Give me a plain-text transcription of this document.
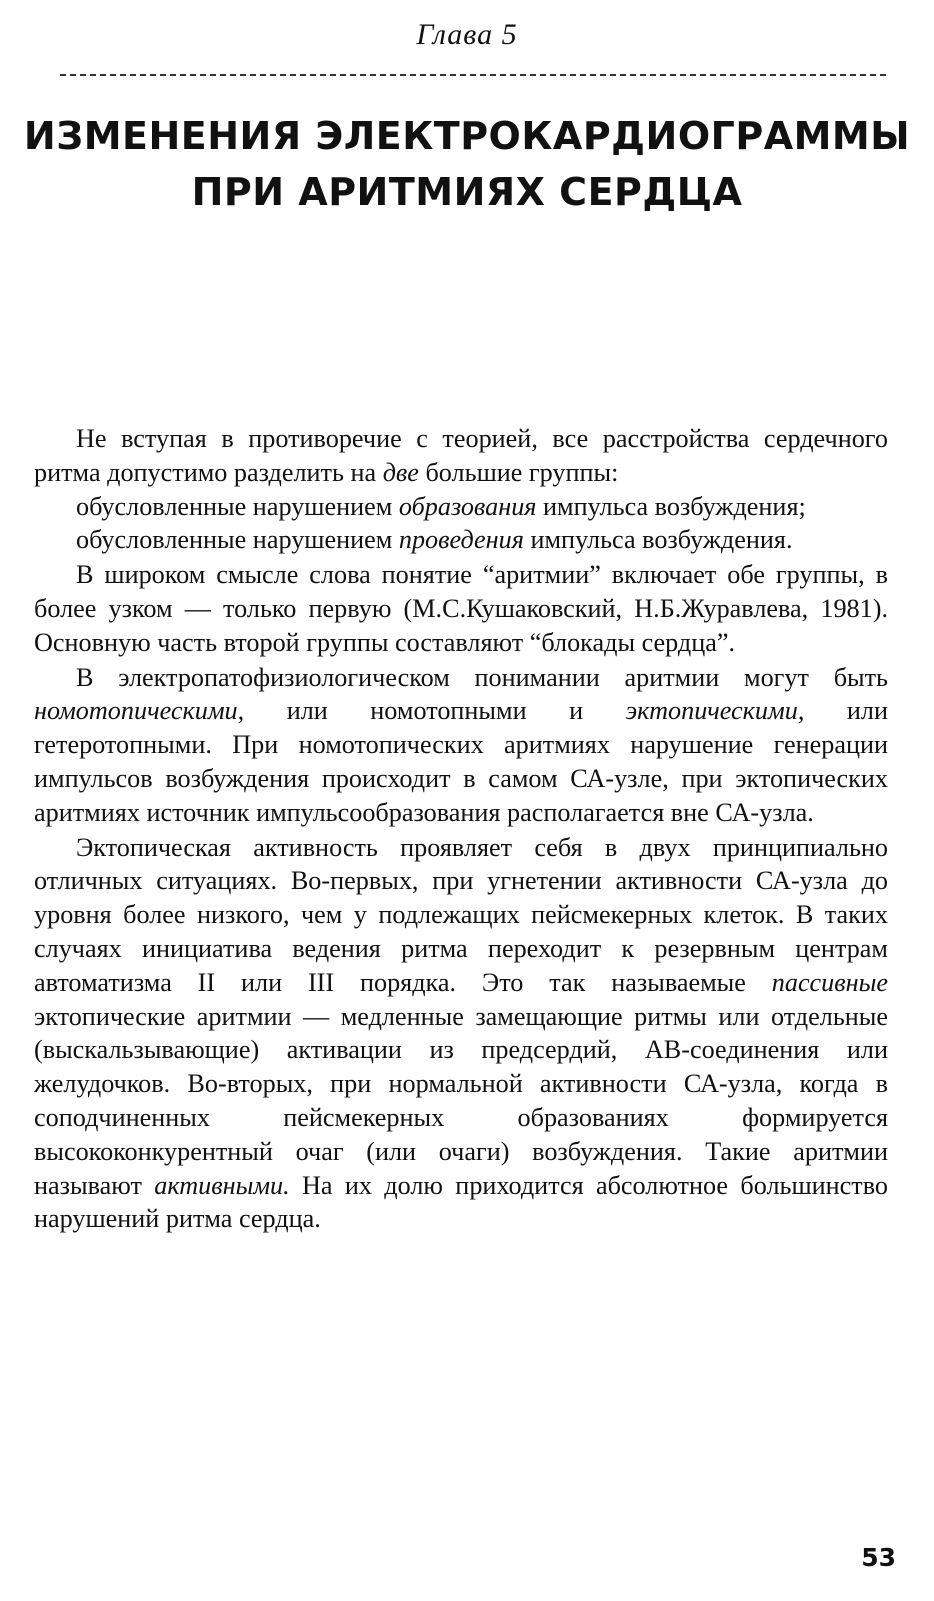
Глава 5
ИЗМЕНЕНИЯ ЭЛЕКТРОКАРДИОГРАММЫ
ПРИ АРИТМИЯХ СЕРДЦА

Не вступая в противоречие с теорией, все расстройства сердечного ритма допустимо разделить на две большие группы:

обусловленные нарушением образования импульса возбуждения;

обусловленные нарушением проведения импульса возбуждения.

В широком смысле слова понятие “аритмии” включает обе группы, в более узком — только первую (М.С.Кушаковский, Н.Б.Журавлева, 1981). Основную часть второй группы составляют “блокады сердца”.

В электропатофизиологическом понимании аритмии могут быть номотопическими, или номотопными и эктопическими, или гетеротопными. При номотопических аритмиях нарушение генерации импульсов возбуждения происходит в самом СА-узле, при эктопических аритмиях источник импульсообразования располагается вне СА-узла.

Эктопическая активность проявляет себя в двух принципиально отличных ситуациях. Во-первых, при угнетении активности СА-узла до уровня более низкого, чем у подлежащих пейсмекерных клеток. В таких случаях инициатива ведения ритма переходит к резервным центрам автоматизма II или III порядка. Это так называемые пассивные эктопические аритмии — медленные замещающие ритмы или отдельные (выскальзывающие) активации из предсердий, АВ-соединения или желудочков. Во-вторых, при нормальной активности СА-узла, когда в соподчиненных пейсмекерных образованиях формируется высококонкурентный очаг (или очаги) возбуждения. Такие аритмии называют активными. На их долю приходится абсолютное большинство нарушений ритма сердца.

53
